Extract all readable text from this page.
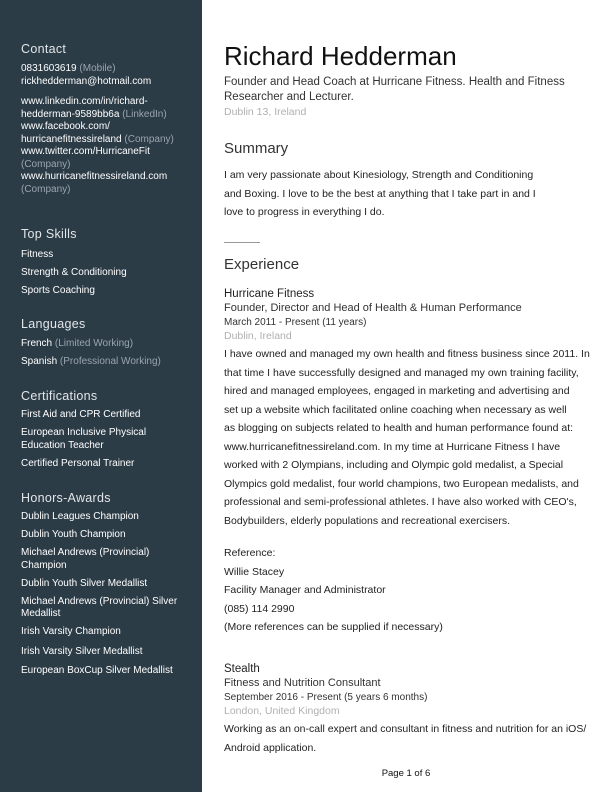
Contact
0831603619 (Mobile)
rickhedderman@hotmail.com
www.linkedin.com/in/richard-
hedderman-9589bb6a (LinkedIn)
www.facebook.com/
hurricanefitnessireland (Company)
www.twitter.com/HurricaneFit
(Company)
www.hurricanefitnessireland.com
(Company)
Top Skills
Fitness
Strength & Conditioning
Sports Coaching
Languages
French (Limited Working)
Spanish (Professional Working)
Certifications
First Aid and CPR Certified
European Inclusive Physical Education Teacher
Certified Personal Trainer
Honors-Awards
Dublin Leagues Champion
Dublin Youth Champion
Michael Andrews (Provincial) Champion
Dublin Youth Silver Medallist
Michael Andrews (Provincial) Silver Medallist
Irish Varsity Champion
Irish Varsity Silver Medallist
European BoxCup Silver Medallist
Richard Hedderman
Founder and Head Coach at Hurricane Fitness. Health and Fitness Researcher and Lecturer.
Dublin 13, Ireland
Summary
I am very passionate about Kinesiology, Strength and Conditioning
and Boxing. I love to be the best at anything that I take part in and I
love to progress in everything I do.
Experience
Hurricane Fitness
Founder, Director and Head of Health & Human Performance
March 2011 - Present (11 years)
Dublin, Ireland
I have owned and managed my own health and fitness business since 2011. In
that time I have successfully designed and managed my own training facility,
hired and managed employees, engaged in marketing and advertising and
set up a website which facilitated online coaching when necessary as well
as blogging on subjects related to health and human performance found at:
www.hurricanefitnessireland.com. In my time at Hurricane Fitness I have
worked with 2 Olympians, including and Olympic gold medalist, a Special
Olympics gold medalist, four world champions, two European medalists, and
professional and semi-professional athletes. I have also worked with CEO's,
Bodybuilders, elderly populations and recreational exercisers.
Reference:
Willie Stacey
Facility Manager and Administrator
(085) 114 2990
(More references can be supplied if necessary)
Stealth
Fitness and Nutrition Consultant
September 2016 - Present (5 years 6 months)
London, United Kingdom
Working as an on-call expert and consultant in fitness and nutrition for an iOS/
Android application.
Page 1 of 6
